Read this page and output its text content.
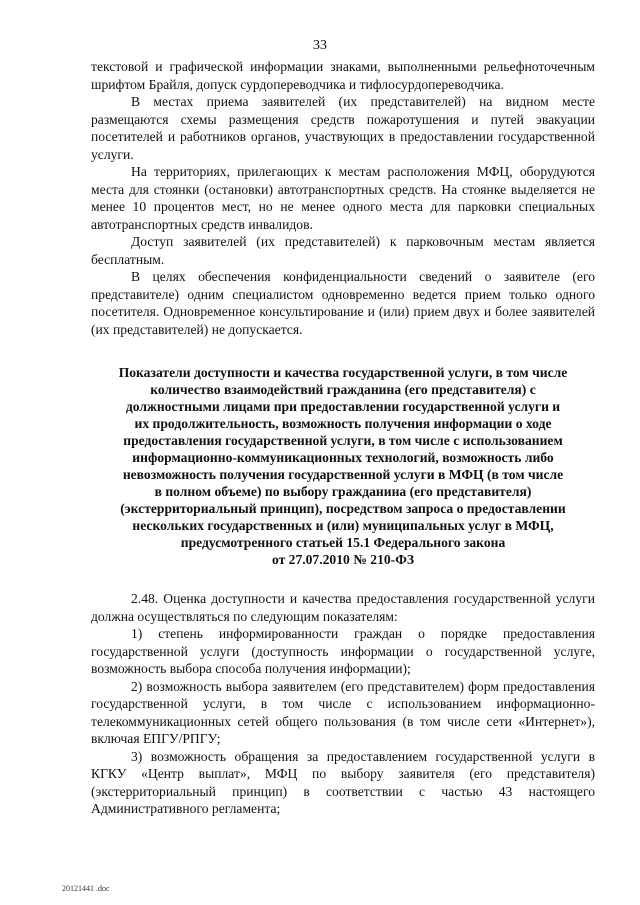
33

текстовой и графической информации знаками, выполненными рельефноточечным шрифтом Брайля, допуск сурдопереводчика и тифлосурдопереводчика.

В местах приема заявителей (их представителей) на видном месте размещаются схемы размещения средств пожаротушения и путей эвакуации посетителей и работников органов, участвующих в предоставлении государственной услуги.

На территориях, прилегающих к местам расположения МФЦ, оборудуются места для стоянки (остановки) автотранспортных средств. На стоянке выделяется не менее 10 процентов мест, но не менее одного места для парковки специальных автотранспортных средств инвалидов.

Доступ заявителей (их представителей) к парковочным местам является бесплатным.

В целях обеспечения конфиденциальности сведений о заявителе (его представителе) одним специалистом одновременно ведется прием только одного посетителя. Одновременное консультирование и (или) прием двух и более заявителей (их представителей) не допускается.

Показатели доступности и качества государственной услуги, в том числе
количество взаимодействий гражданина (его представителя) с
должностными лицами при предоставлении государственной услуги и
их продолжительность, возможность получения информации о ходе
предоставления государственной услуги, в том числе с использованием
информационно-коммуникационных технологий, возможность либо
невозможность получения государственной услуги в МФЦ (в том числе
в полном объеме) по выбору гражданина (его представителя)
(экстерриториальный принцип), посредством запроса о предоставлении
нескольких государственных и (или) муниципальных услуг в МФЦ,
предусмотренного статьей 15.1 Федерального закона
от 27.07.2010 № 210-ФЗ

2.48. Оценка доступности и качества предоставления государственной услуги должна осуществляться по следующим показателям:

1) степень информированности граждан о порядке предоставления государственной услуги (доступность информации о государственной услуге, возможность выбора способа получения информации);

2) возможность выбора заявителем (его представителем) форм предоставления государственной услуги, в том числе с использованием информационно-телекоммуникационных сетей общего пользования (в том числе сети «Интернет»), включая ЕПГУ/РПГУ;

3) возможность обращения за предоставлением государственной услуги в КГКУ «Центр выплат», МФЦ по выбору заявителя (его представителя) (экстерриториальный принцип) в соответствии с частью 43 настоящего Административного регламента;

20121441 .doc
